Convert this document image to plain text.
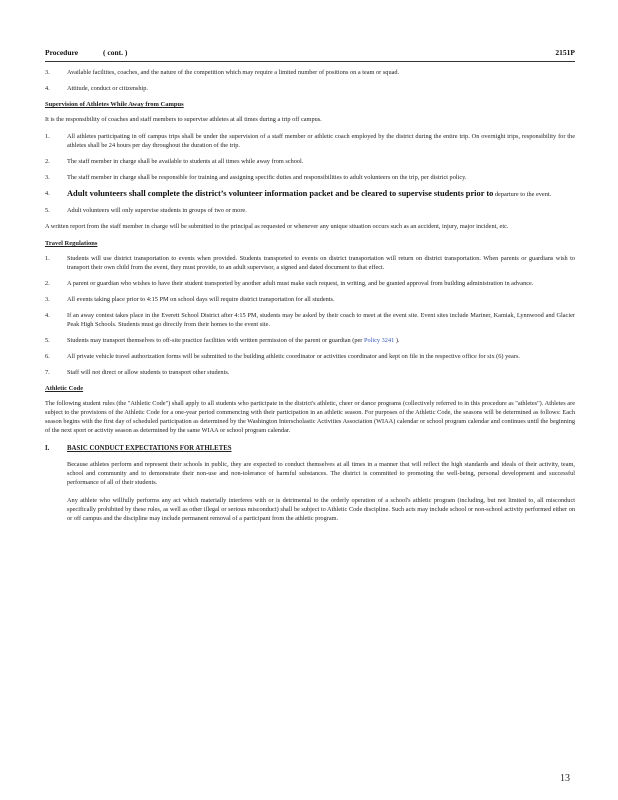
Procedure	( cont. )	2151P
3.	Available facilities, coaches, and the nature of the competition which may require a limited number of positions on a team or squad.
4.	Attitude, conduct or citizenship.
Supervision of Athletes While Away from Campus

It is the responsibility of coaches and staff members to supervise athletes at all times during a trip off campus.

1.	All athletes participating in off campus trips shall be under the supervision of a staff member or athletic coach employed by the district during the entire trip. On overnight trips, responsibility for the athletes shall be 24 hours per day throughout the duration of the trip.
2.	The staff member in charge shall be available to students at all times while away from school.
3.	The staff member in charge shall be responsible for training and assigning specific duties and responsibilities to adult volunteers on the trip, per district policy.
4. Adult volunteers shall complete the district’s volunteer information packet and be cleared to supervise students prior to departure to the event.
5.	Adult volunteers will only supervise students in groups of two or more.

A written report from the staff member in charge will be submitted to the principal as requested or whenever any unique situation occurs such as an accident, injury, major incident, etc.

Travel Regulations
1.	Students will use district transportation to events when provided. Students transported to events on district transportation will return on district transportation. When parents or guardians wish to transport their own child from the event, they must provide, to an adult supervisor, a signed and dated document to that effect.
2.	A parent or guardian who wishes to have their student transported by another adult must make such request, in writing, and be granted approval from building administration in advance.
3.	All events taking place prior to 4:15 PM on school days will require district transportation for all students.
4.	If an away contest takes place in the Everett School District after 4:15 PM, students may be asked by their coach to meet at the event site. Event sites include Mariner, Kamiak, Lynnwood and Glacier Peak High Schools. Students must go directly from their homes to the event site.
5.	Students may transport themselves to off-site practice facilities with written permission of the parent or guardian (per Policy 3241 ).
6.	All private vehicle travel authorization forms will be submitted to the building athletic coordinator or activities coordinator and kept on file in the respective office for six (6) years.
7.	Staff will not direct or allow students to transport other students.
Athletic Code

The following student rules (the "Athletic Code") shall apply to all students who participate in the district's athletic, cheer or dance programs (collectively referred to in this procedure as "athletes"). Athletes are subject to the provisions of the Athletic Code for a one-year period commencing with their participation in an athletic season. For purposes of the Athletic Code, the seasons will be determined as follows: Each season begins with the first day of scheduled participation as determined by the Washington Interscholastic Activities Association (WIAA) calendar or school program calendar and continues until the beginning of the next sport or activity season as determined by the same WIAA or school program calendar.

I.	BASIC CONDUCT EXPECTATIONS FOR ATHLETES

Because athletes perform and represent their schools in public, they are expected to conduct themselves at all times in a manner that will reflect the high standards and ideals of their activity, team, school and community and to demonstrate their non-use and non-tolerance of harmful substances. The district is committed to promoting the well-being, personal development and successful performance of all of their students.

Any athlete who willfully performs any act which materially interferes with or is detrimental to the orderly operation of a school's athletic program (including, but not limited to, all misconduct specifically prohibited by these rules, as well as other illegal or serious misconduct) shall be subject to Athletic Code discipline. Such acts may include school or non-school activity performed either on or off campus and the discipline may include permanent removal of a participant from the athletic program.

13
